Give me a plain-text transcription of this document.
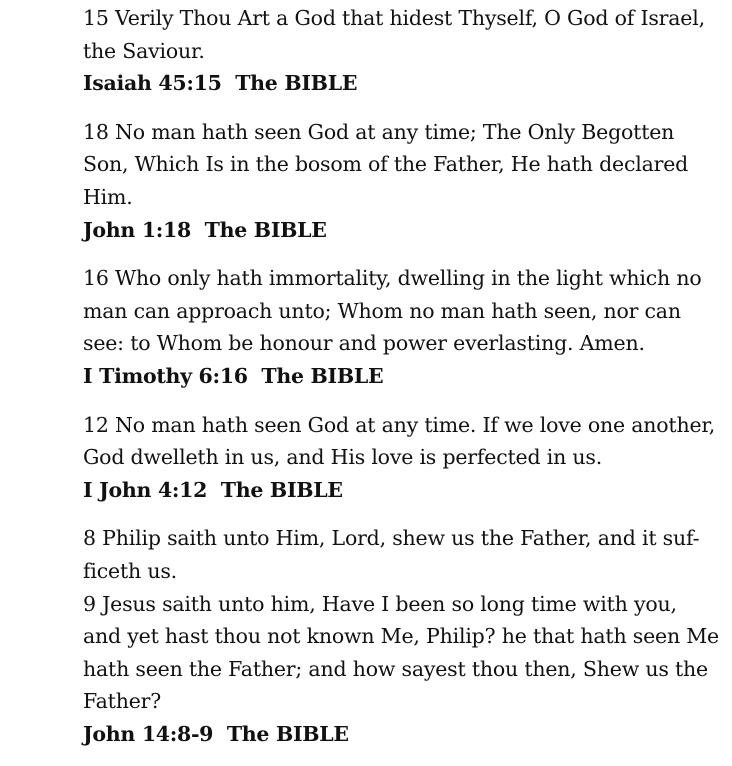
15 Verily Thou Art a God that hidest Thyself, O God of Israel,
the Saviour.
Isaiah 45:15  The BIBLE
18 No man hath seen God at any time; The Only Begotten
Son, Which Is in the bosom of the Father, He hath declared
Him.
John 1:18  The BIBLE
16 Who only hath immortality, dwelling in the light which no
man can approach unto; Whom no man hath seen, nor can
see: to Whom be honour and power everlasting. Amen.
I Timothy 6:16  The BIBLE
12 No man hath seen God at any time. If we love one another,
God dwelleth in us, and His love is perfected in us.
I John 4:12  The BIBLE
8 Philip saith unto Him, Lord, shew us the Father, and it suf-
ficeth us.
9 Jesus saith unto him, Have I been so long time with you,
and yet hast thou not known Me, Philip? he that hath seen Me
hath seen the Father; and how sayest thou then, Shew us the
Father?
John 14:8-9  The BIBLE
